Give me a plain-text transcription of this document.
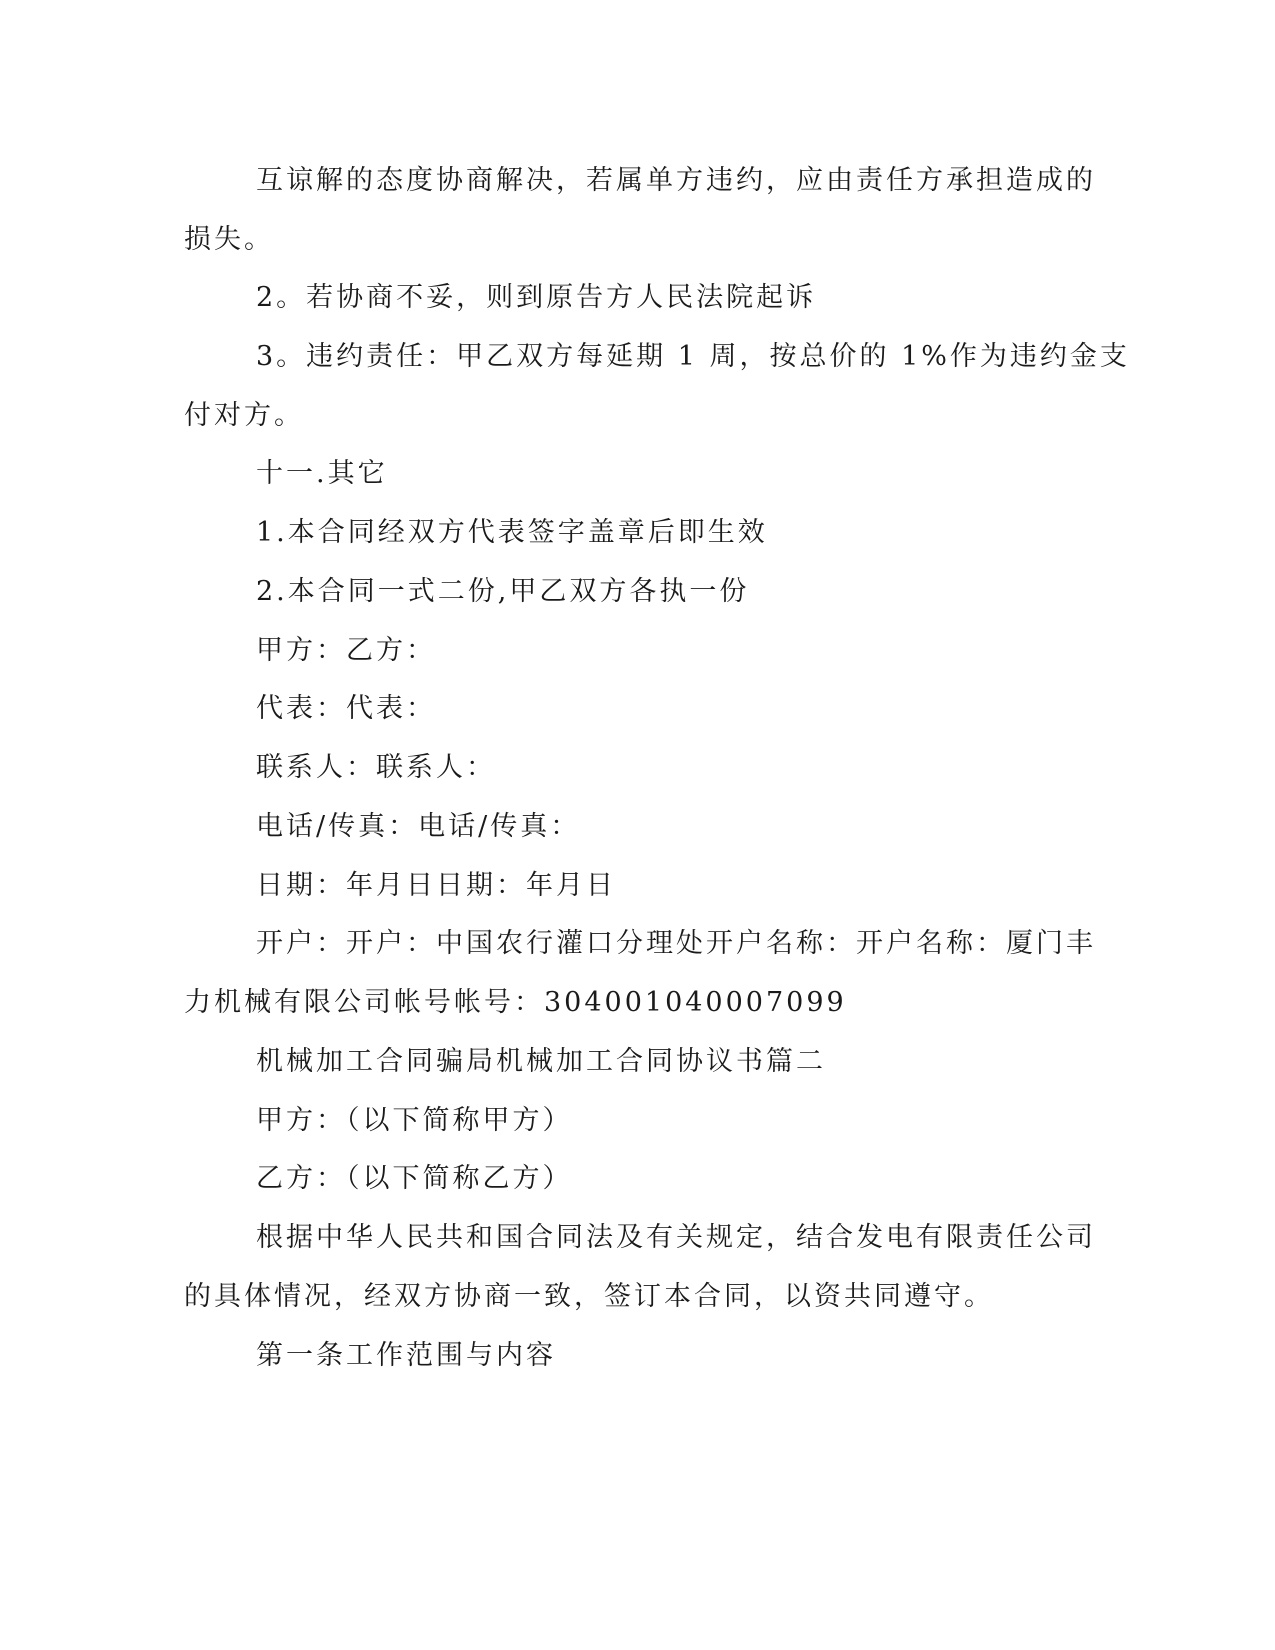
互谅解的态度协商解决，若属单方违约，应由责任方承担造成的
损失。
2。若协商不妥，则到原告方人民法院起诉
3。违约责任：甲乙双方每延期 1 周，按总价的 1%作为违约金支
付对方。
十一.其它
1.本合同经双方代表签字盖章后即生效
2.本合同一式二份,甲乙双方各执一份
甲方：乙方：
代表：代表：
联系人：联系人：
电话/传真：电话/传真：
日期：年月日日期：年月日
开户：开户：中国农行灌口分理处开户名称：开户名称：厦门丰
力机械有限公司帐号帐号：304001040007099
机械加工合同骗局机械加工合同协议书篇二
甲方：（以下简称甲方）
乙方：（以下简称乙方）
根据中华人民共和国合同法及有关规定，结合发电有限责任公司
的具体情况，经双方协商一致，签订本合同，以资共同遵守。
第一条工作范围与内容
